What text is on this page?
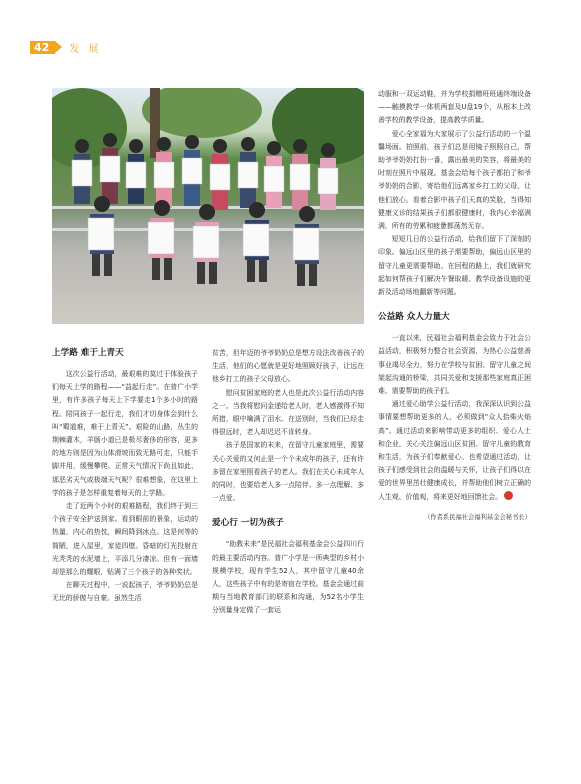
42	发 展
上学路 难于上青天

这次公益行活动，最艰难的莫过于体验孩子们每天上学的路程——“益起行走”。在普广小学里，有许多孩子每天上下学要走1个多小时的路程。陪同孩子一起行走，我们才切身体会到什么叫“蜀道难，难于上青天”。艰险的山路，丛生的荆棘灌木，羊肠小道已是极尽奢侈的形容，更多的地方则是因为山体滑坡而致无路可走，只能手脚并用，缓慢攀爬。正常天气情况下尚且如此，那恶劣天气或极端天气呢？很难想象，在这里上学的孩子是怎样重复着每天的上学路。

走了近两个小时的艰难路程，我们终于到三个孩子安全护送到家。看到眼前的景象，运动的热量、内心的热忱，瞬间降到冰点。这是何等的简陋，进入屋里，家徒四壁。昏暗的灯光投射在光秃秃的水泥墙上，平添几分凄凉。但有一面墙却是那么的耀眼，贴满了三个孩子的各种奖状。

在聊天过程中，一说起孩子，爷爷奶奶总是无比的骄傲与自豪。虽然生活

贫苦，但年迈的爷爷奶奶总是想方设法改善孩子的生活，他们的心愿就是更好地照顾好孩子，让远在他乡打工的孩子父母放心。

慰问贫困家庭的老人也是此次公益行活动内容之一。当我将慰问金递给老人时，老人感激得不知所措，眼中噙满了泪水。在送别时，当我们已经走得很远时，老人却迟迟不肯转身。

孩子是国家的未来，在留守儿童家庭里，需要关心关爱的又何止是一个个未成年的孩子，还有许多留在家里照看孩子的老人。我们在关心未成年人的同时，也要给老人多一点陪伴、多一点理解、多一点爱。

爱心行 一切为孩子

“助教未来”是民福社会福利基金会公益四川行的最主要活动内容。普广小学是一所典型的乡村小规模学校，现有学生52人，其中留守儿童40余人，这些孩子中有的是寄宿在学校。基金会通过前期与当地教育部门的联系和沟通，为52名小学生分别量身定做了一套运

动服和一双运动鞋，并为学校捐赠班班通终端设备——触摸教学一体机两套及U盘19个，从根本上改善学校的教学设备，提高教学质量。

爱心全家福为大家展示了公益行活动的一个温馨场面。拍照前，孩子们总是用镜子照照自己，帮助爷爷奶奶打扮一番，露出最美的笑容，将最美的时刻在照片中展现。基金会给每个孩子都拍了和爷爷奶奶的合影，寄给他们远离家乡打工的父母，让他们放心。看着合影中孩子们天真的笑脸，当得知健康义诊的结果孩子们都很健康时，我内心幸福满满，所有的劳累和疲惫都荡然无存。

短短几日的公益行活动，给我们留下了深刻的印象。偏远山区里的孩子需要帮助，偏远山区里的留守儿童更需要帮助。在回程的路上，我们就研究起如何帮孩子们解决午餐取暖、教学设备设施的更新及活动场地翻新等问题。

公益路 众人力量大

一直以来，民福社会福利基金会致力于社会公益活动，积极努力整合社会资源，为热心公益慈善事业竭尽全力，努力在学校与贫困、留守儿童之间架起沟通的桥梁，共同关爱和支援那些家庭真正困难、需要帮助的孩子们。

通过爱心助学公益行活动，我深深认识到公益事情要想帮助更多的人，必须做到“众人拾柴火焰高”。通过活动来影响带动更多的组织、爱心人士和企业，关心关注偏远山区贫困、留守儿童的教育和生活，为孩子们奉献爱心。也希望通过活动，让孩子们感受到社会的温暖与关怀，让孩子们得以在爱的世界里茁壮健康成长，并帮助他们树立正确的人生观、价值观，将来更好地回馈社会。

（作者系民福社会福利基金会秘书长）
